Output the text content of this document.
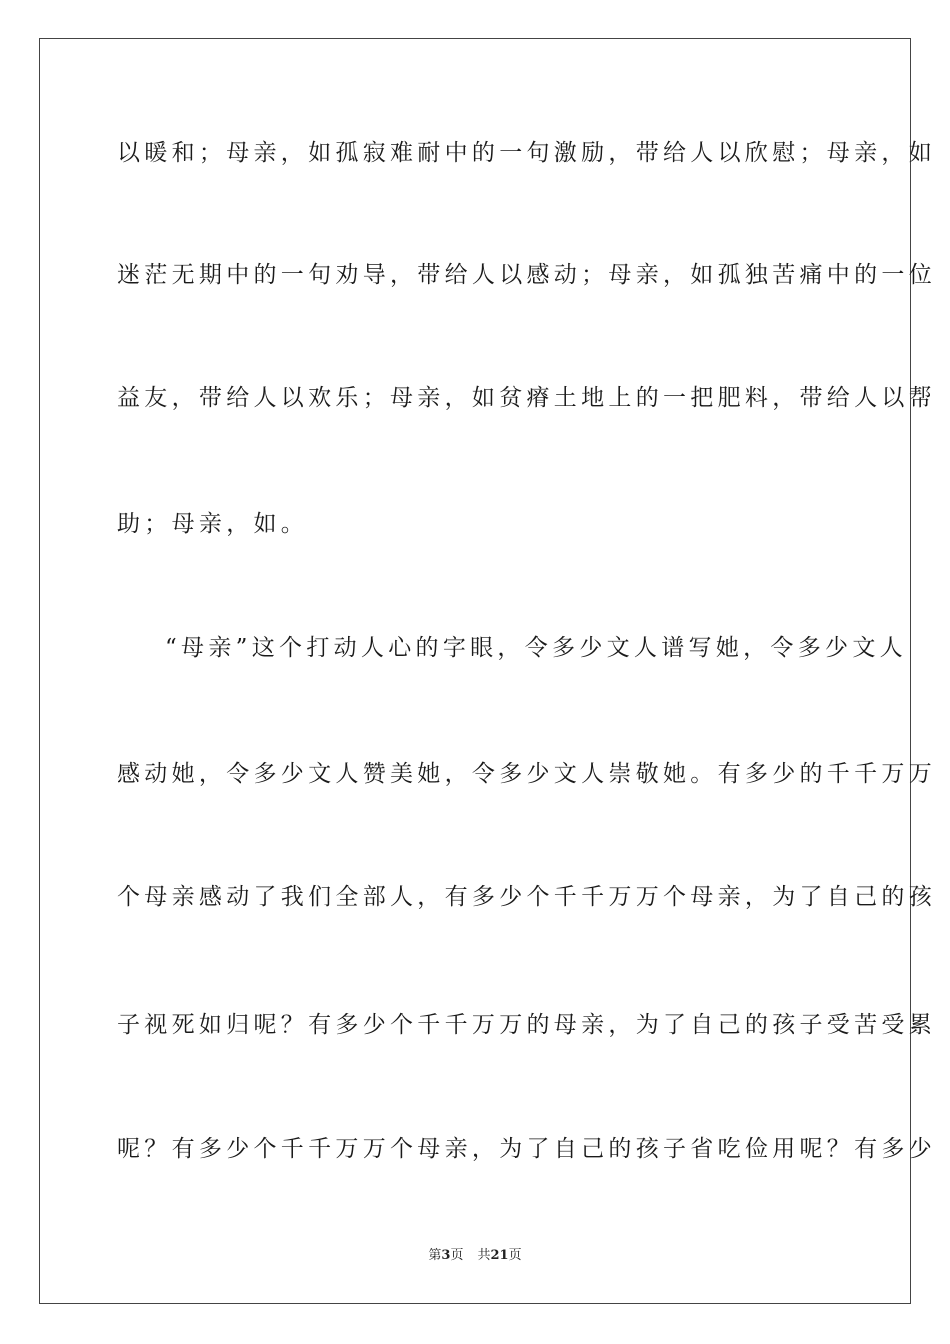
以暖和；母亲，如孤寂难耐中的一句激励，带给人以欣慰；母亲，如
迷茫无期中的一句劝导，带给人以感动；母亲，如孤独苦痛中的一位
益友，带给人以欢乐；母亲，如贫瘠土地上的一把肥料，带给人以帮
助；母亲，如。
“母亲”这个打动人心的字眼，令多少文人谱写她，令多少文人
感动她，令多少文人赞美她，令多少文人崇敬她。有多少的千千万万
个母亲感动了我们全部人，有多少个千千万万个母亲，为了自己的孩
子视死如归呢？有多少个千千万万的母亲，为了自己的孩子受苦受累
呢？有多少个千千万万个母亲，为了自己的孩子省吃俭用呢？有多少
第3页 共21页
